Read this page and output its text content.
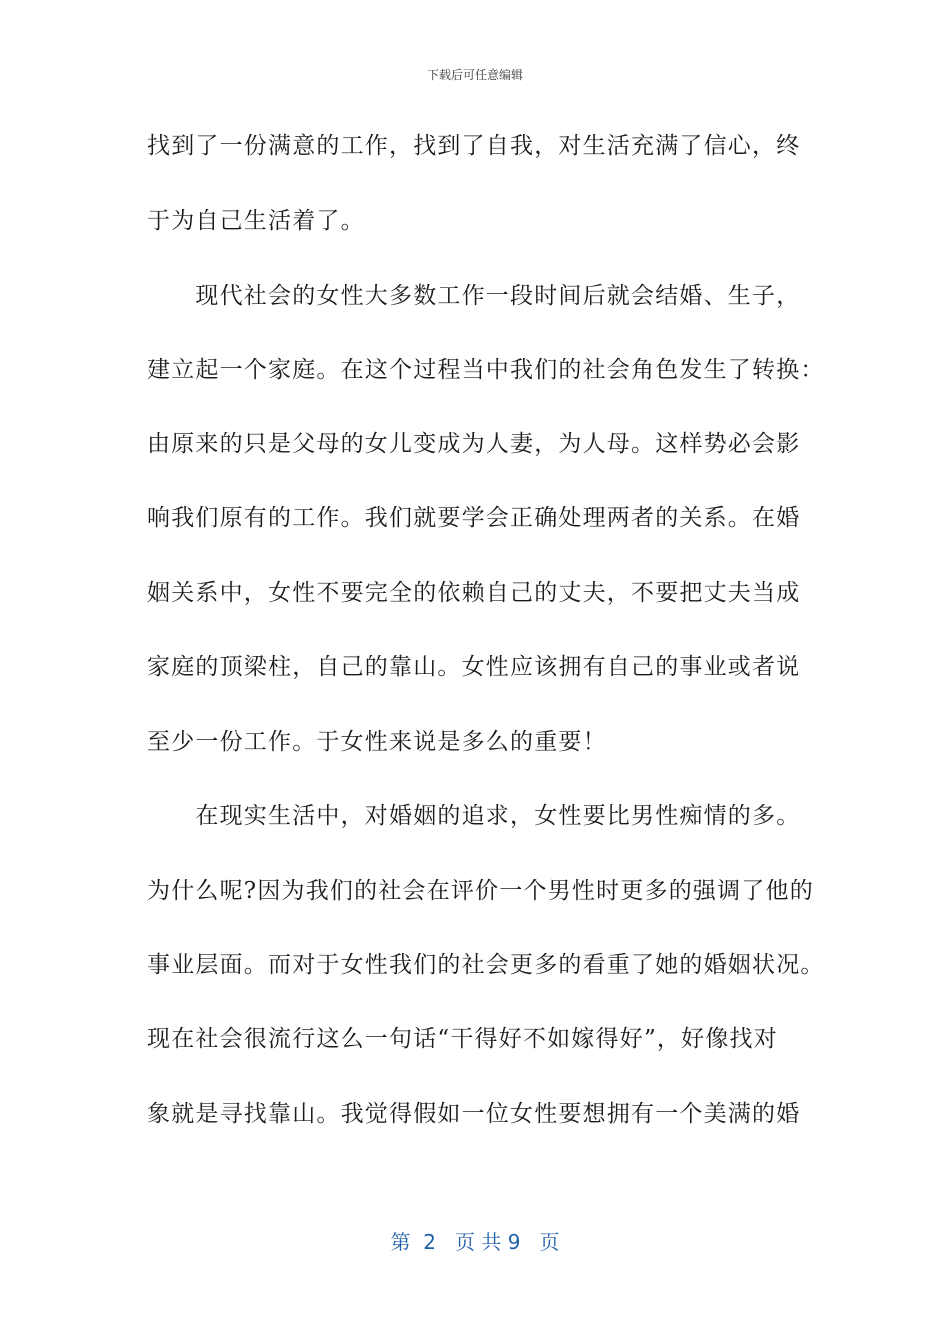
下载后可任意编辑
找到了一份满意的工作，找到了自我，对生活充满了信心，终
于为自己生活着了。
　　现代社会的女性大多数工作一段时间后就会结婚、生子，
建立起一个家庭。在这个过程当中我们的社会角色发生了转换：
由原来的只是父母的女儿变成为人妻，为人母。这样势必会影
响我们原有的工作。我们就要学会正确处理两者的关系。在婚
姻关系中，女性不要完全的依赖自己的丈夫，不要把丈夫当成
家庭的顶梁柱，自己的靠山。女性应该拥有自己的事业或者说
至少一份工作。于女性来说是多么的重要！
　　在现实生活中，对婚姻的追求，女性要比男性痴情的多。
为什么呢?因为我们的社会在评价一个男性时更多的强调了他的
事业层面。而对于女性我们的社会更多的看重了她的婚姻状况。
现在社会很流行这么一句话“干得好不如嫁得好”，好像找对
象就是寻找靠山。我觉得假如一位女性要想拥有一个美满的婚
第  2   页 共 9   页
